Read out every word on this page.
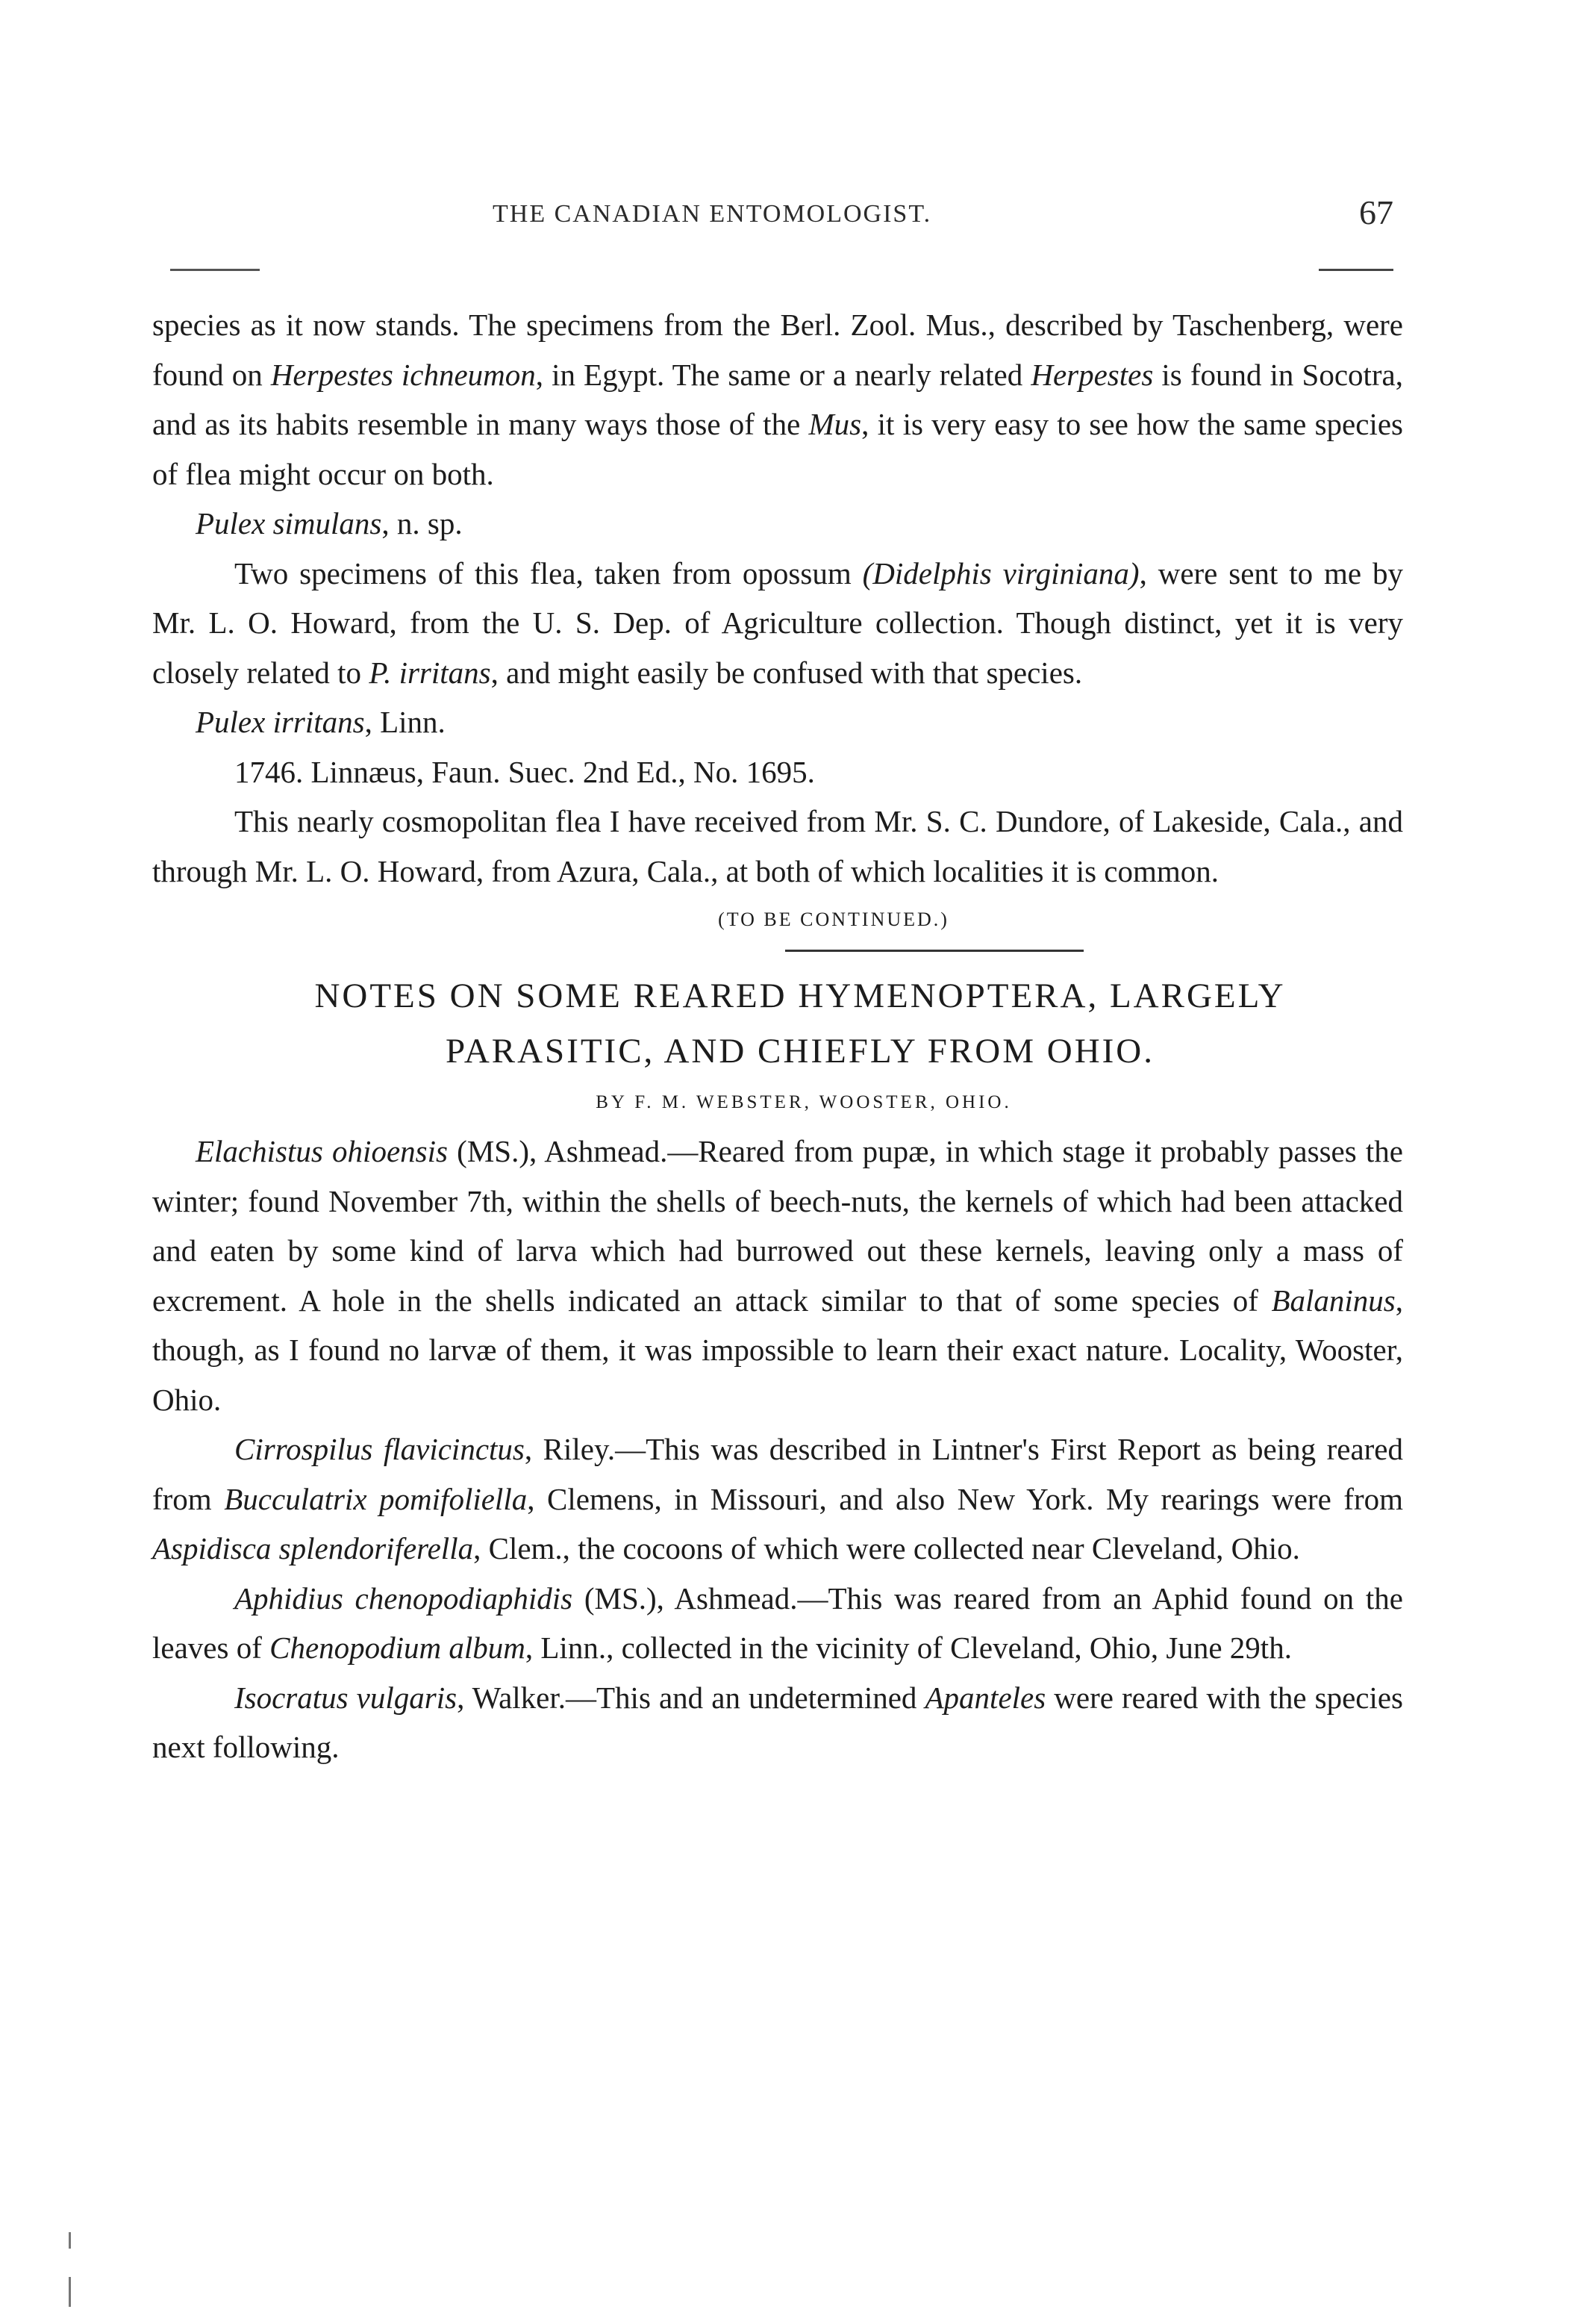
THE CANADIAN ENTOMOLOGIST.	67

species as it now stands. The specimens from the Berl. Zool. Mus., described by Taschenberg, were found on Herpestes ichneumon, in Egypt. The same or a nearly related Herpestes is found in Socotra, and as its habits resemble in many ways those of the Mus, it is very easy to see how the same species of flea might occur on both.

Pulex simulans, n. sp.

Two specimens of this flea, taken from opossum (Didelphis virginiana), were sent to me by Mr. L. O. Howard, from the U. S. Dep. of Agriculture collection. Though distinct, yet it is very closely related to P. irritans, and might easily be confused with that species.

Pulex irritans, Linn.

1746. Linnæus, Faun. Suec. 2nd Ed., No. 1695.

This nearly cosmopolitan flea I have received from Mr. S. C. Dundore, of Lakeside, Cala., and through Mr. L. O. Howard, from Azura, Cala., at both of which localities it is common.

(TO BE CONTINUED.)

NOTES ON SOME REARED HYMENOPTERA, LARGELY

PARASITIC, AND CHIEFLY FROM OHIO.

BY F. M. WEBSTER, WOOSTER, OHIO.

Elachistus ohioensis (MS.), Ashmead.—Reared from pupæ, in which stage it probably passes the winter; found November 7th, within the shells of beech-nuts, the kernels of which had been attacked and eaten by some kind of larva which had burrowed out these kernels, leaving only a mass of excrement. A hole in the shells indicated an attack similar to that of some species of Balaninus, though, as I found no larvæ of them, it was impossible to learn their exact nature. Locality, Wooster, Ohio.

Cirrospilus flavicinctus, Riley.—This was described in Lintner's First Report as being reared from Bucculatrix pomifoliella, Clemens, in Missouri, and also New York. My rearings were from Aspidisca splendoriferella, Clem., the cocoons of which were collected near Cleveland, Ohio.

Aphidius chenopodiaphidis (MS.), Ashmead.—This was reared from an Aphid found on the leaves of Chenopodium album, Linn., collected in the vicinity of Cleveland, Ohio, June 29th.

Isocratus vulgaris, Walker.—This and an undetermined Apanteles were reared with the species next following.
